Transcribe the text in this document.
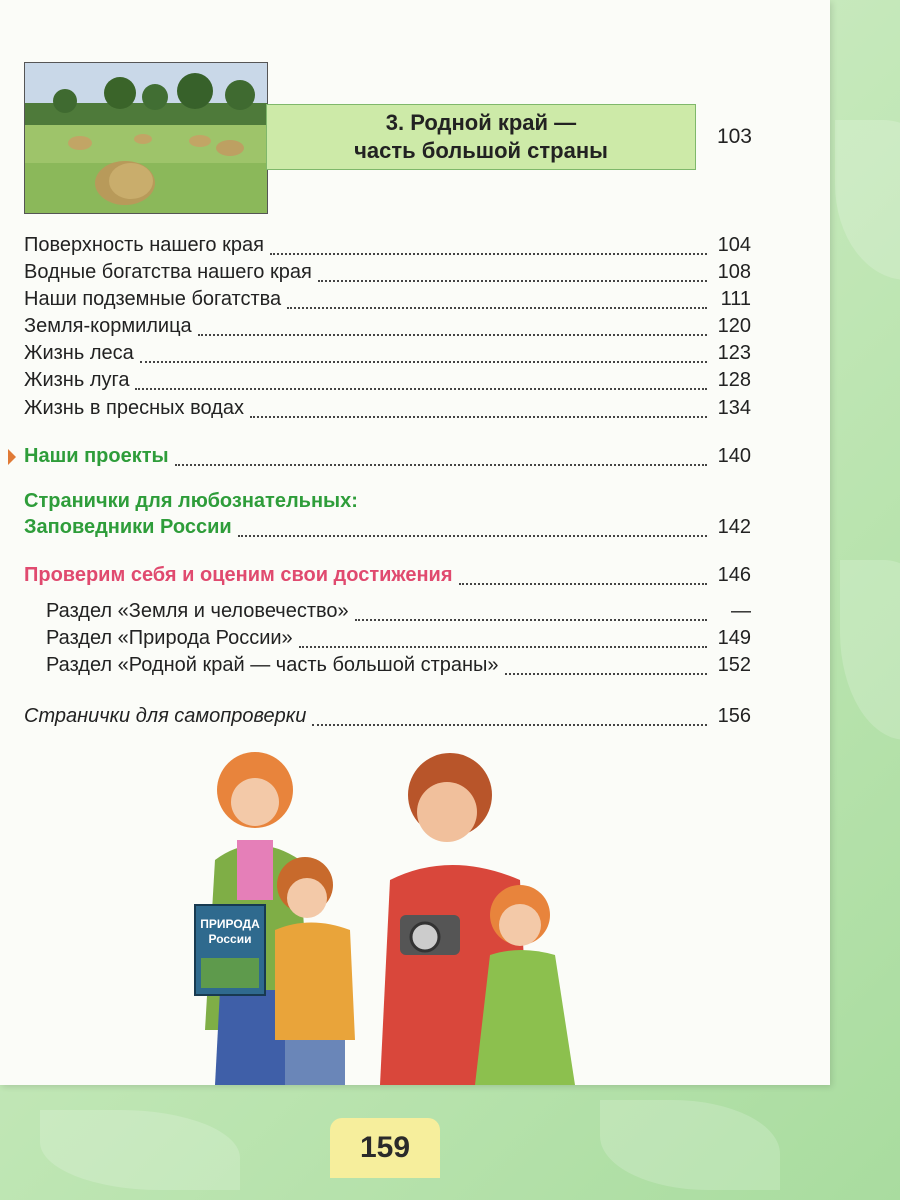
3. Родной край —
часть большой страны
103
Поверхность нашего края	104
Водные богатства нашего края	108
Наши подземные богатства	111
Земля-кормилица	120
Жизнь леса	123
Жизнь луга	128
Жизнь в пресных водах	134
Наши проекты	140
Странички для любознательных:
Заповедники России	142
Проверим себя и оценим свои достижения	146
Раздел «Земля и человечество»	—
Раздел «Природа России»	149
Раздел «Родной край — часть большой страны»	152
Странички для самопроверки	156
ПРИРОДА
России
159
